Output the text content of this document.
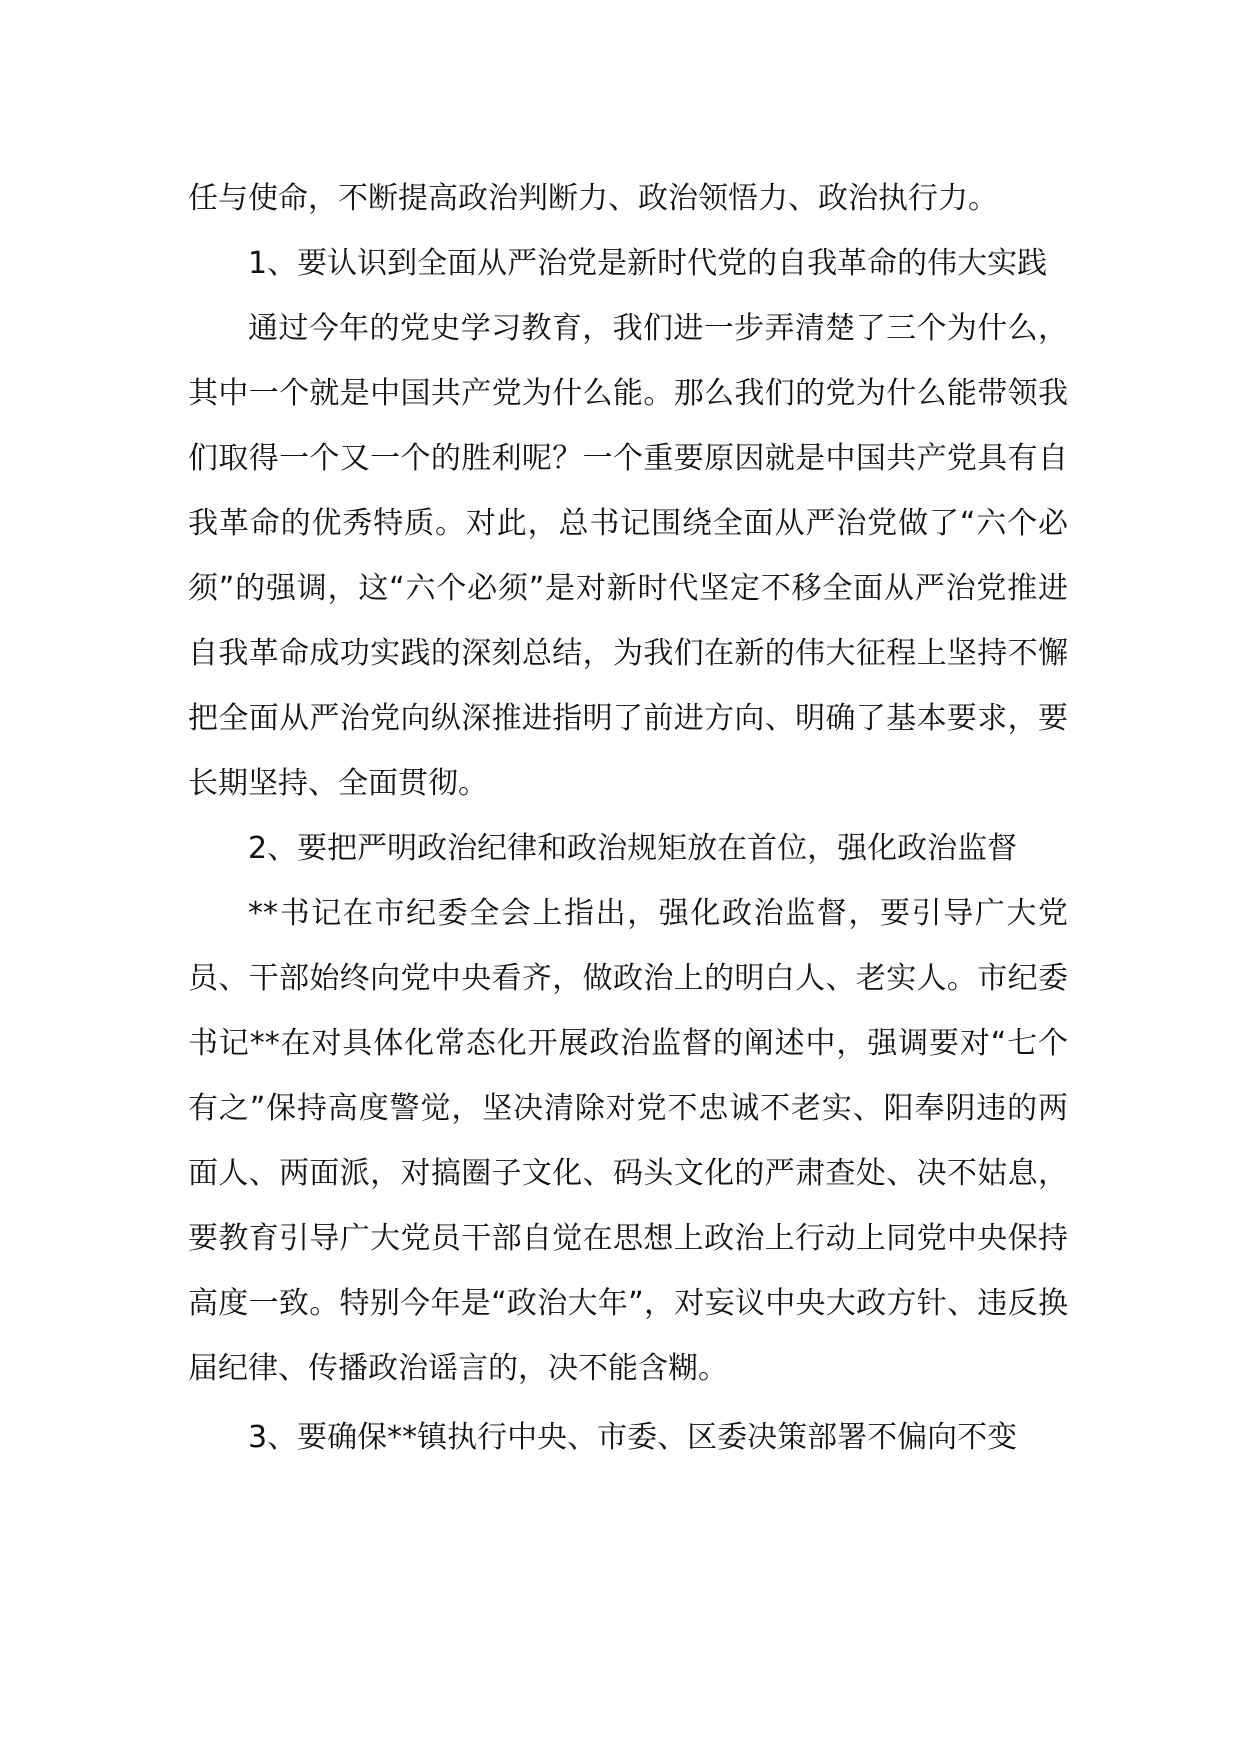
任与使命，不断提高政治判断力、政治领悟力、政治执行力。

1、要认识到全面从严治党是新时代党的自我革命的伟大实践

通过今年的党史学习教育，我们进一步弄清楚了三个为什么，其中一个就是中国共产党为什么能。那么我们的党为什么能带领我们取得一个又一个的胜利呢？一个重要原因就是中国共产党具有自我革命的优秀特质。对此，总书记围绕全面从严治党做了“六个必须”的强调，这“六个必须”是对新时代坚定不移全面从严治党推进自我革命成功实践的深刻总结，为我们在新的伟大征程上坚持不懈把全面从严治党向纵深推进指明了前进方向、明确了基本要求，要长期坚持、全面贯彻。

2、要把严明政治纪律和政治规矩放在首位，强化政治监督

**书记在市纪委全会上指出，强化政治监督，要引导广大党员、干部始终向党中央看齐，做政治上的明白人、老实人。市纪委书记**在对具体化常态化开展政治监督的阐述中，强调要对“七个有之”保持高度警觉，坚决清除对党不忠诚不老实、阳奉阴违的两面人、两面派，对搞圈子文化、码头文化的严肃查处、决不姑息，要教育引导广大党员干部自觉在思想上政治上行动上同党中央保持高度一致。特别今年是“政治大年”，对妄议中央大政方针、违反换届纪律、传播政治谣言的，决不能含糊。

3、要确保**镇执行中央、市委、区委决策部署不偏向不变
